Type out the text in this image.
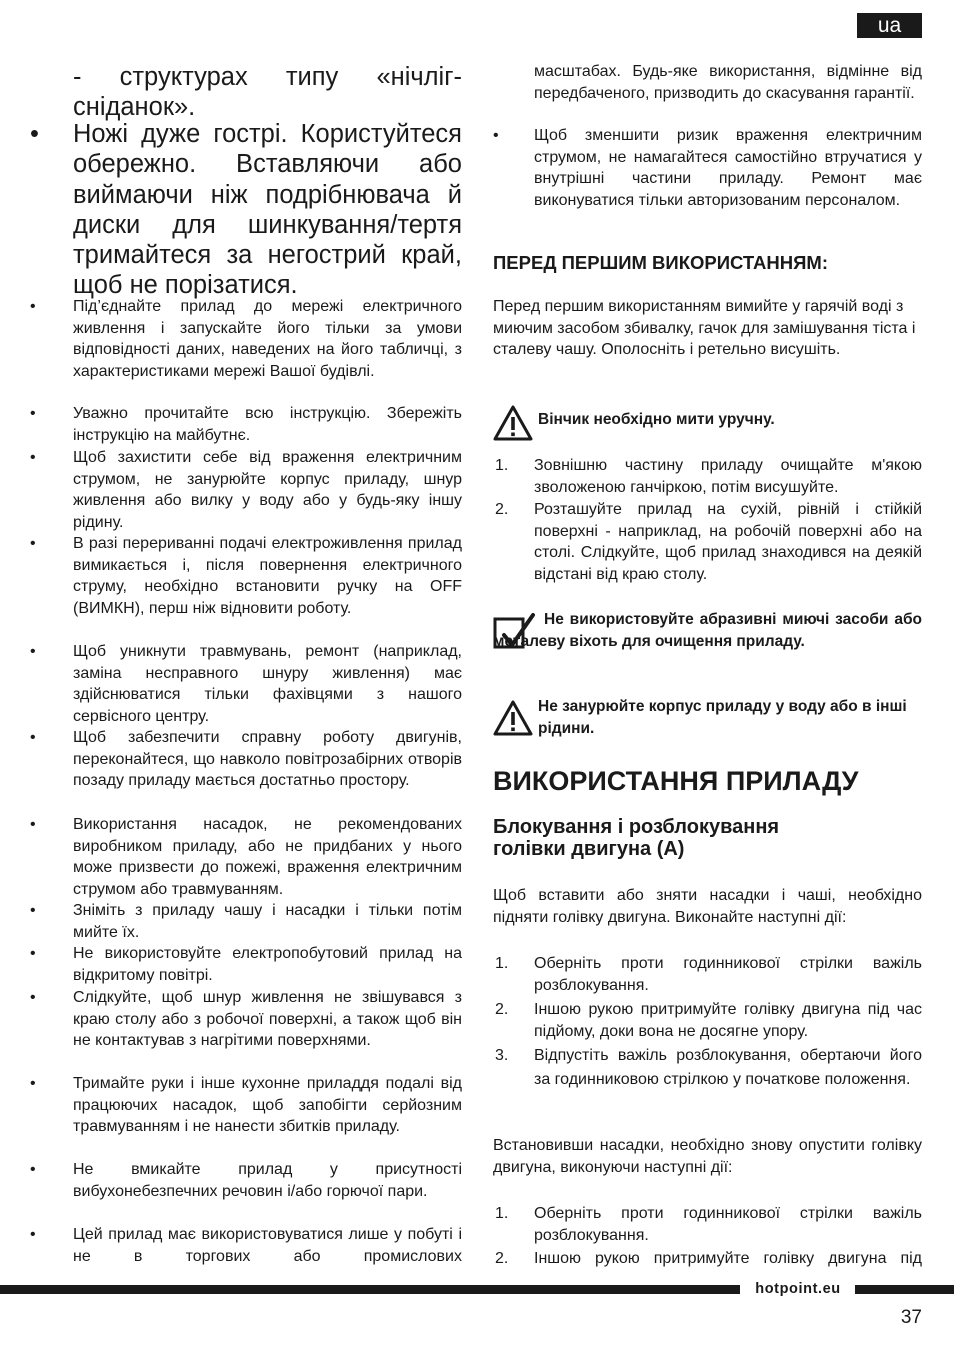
ua
- структурах типу «нічліг-сніданок».
• Ножі дуже гострі. Користуйтеся обережно. Вставляючи або виймаючи ніж подрібнювача й диски для шинкування/тертя тримайтеся за негострий край, щоб не порізатися.
• Під’єднайте прилад до мережі електричного живлення і запускайте його тільки за умови відповідності даних, наведених на його табличці, з характеристиками мережі Вашої будівлі.
• Уважно прочитайте всю інструкцію. Збережіть інструкцію на майбутнє.
• Щоб захистити себе від враження електричним струмом, не занурюйте корпус приладу, шнур живлення або вилку у воду або у будь-яку іншу рідину.
• В разі перериванні подачі електроживлення прилад вимикається і, після повернення електричного струму, необхідно встановити ручку на OFF (ВИМКН), перш ніж відновити роботу.
• Щоб уникнути травмувань, ремонт (наприклад, заміна несправного шнуру живлення) має здійснюватися тільки фахівцями з нашого сервісного центру.
• Щоб забезпечити справну роботу двигунів, переконайтеся, що навколо повітрозабірних отворів позаду приладу мається достатньо простору.
• Використання насадок, не рекомендованих виробником приладу, або не придбаних у нього може призвести до пожежі, враження електричним струмом або травмуванням.
• Зніміть з приладу чашу і насадки і тільки потім мийте їх.
• Не використовуйте електропобутовий прилад на відкритому повітрі.
• Слідкуйте, щоб шнур живлення не звішувався з краю столу або з робочої поверхні, а також щоб він не контактував з нагрітими поверхнями.
• Тримайте руки і інше кухонне приладдя подалі від працюючих насадок, щоб запобігти серйозним травмуванням і не нанести збитків приладу.
• Не вмикайте прилад у присутності вибухонебезпечних речовин і/або горючої пари.
• Цей прилад має використовуватися лише у побуті і не в торгових або промислових
масштабах. Будь-яке використання, відмінне від передбаченого, призводить до скасування гарантії.
• Щоб зменшити ризик враження електричним струмом, не намагайтеся самостійно втручатися у внутрішні частини приладу. Ремонт має виконуватися тільки авторизованим персоналом.
ПЕРЕД ПЕРШИМ ВИКОРИСТАННЯМ:
Перед першим використанням вимийте у гарячій воді з миючим засобом збивалку, гачок для замішування тіста і сталеву чашу. Ополосніть і ретельно висушіть.
Вінчик необхідно мити уручну.
1. Зовнішню частину приладу очищайте м'якою зволоженою ганчіркою, потім висушуйте.
2. Розташуйте прилад на сухій, рівній і стійкій поверхні - наприклад, на робочій поверхні або на столі. Слідкуйте, щоб прилад знаходився на деякій відстані від краю столу.
Не використовуйте абразивні миючі засоби або металеву віхоть для очищення приладу.
Не занурюйте корпус приладу у воду або в інші рідини.
ВИКОРИСТАННЯ ПРИЛАДУ
Блокування і розблокування голівки двигуна (A)
Щоб вставити або зняти насадки і чаші, необхідно підняти голівку двигуна. Виконайте наступні дії:
1. Оберніть проти годинникової стрілки важіль розблокування.
2. Іншою рукою притримуйте голівку двигуна під час підйому, доки вона не досягне упору.
3. Відпустіть важіль розблокування, обертаючи його за годинниковою стрілкою у початкове положення.
Встановивши насадки, необхідно знову опустити голівку двигуна, виконуючи наступні дії:
1. Оберніть проти годинникової стрілки важіль розблокування.
2. Іншою рукою притримуйте голівку двигуна під
hotpoint.eu
37
